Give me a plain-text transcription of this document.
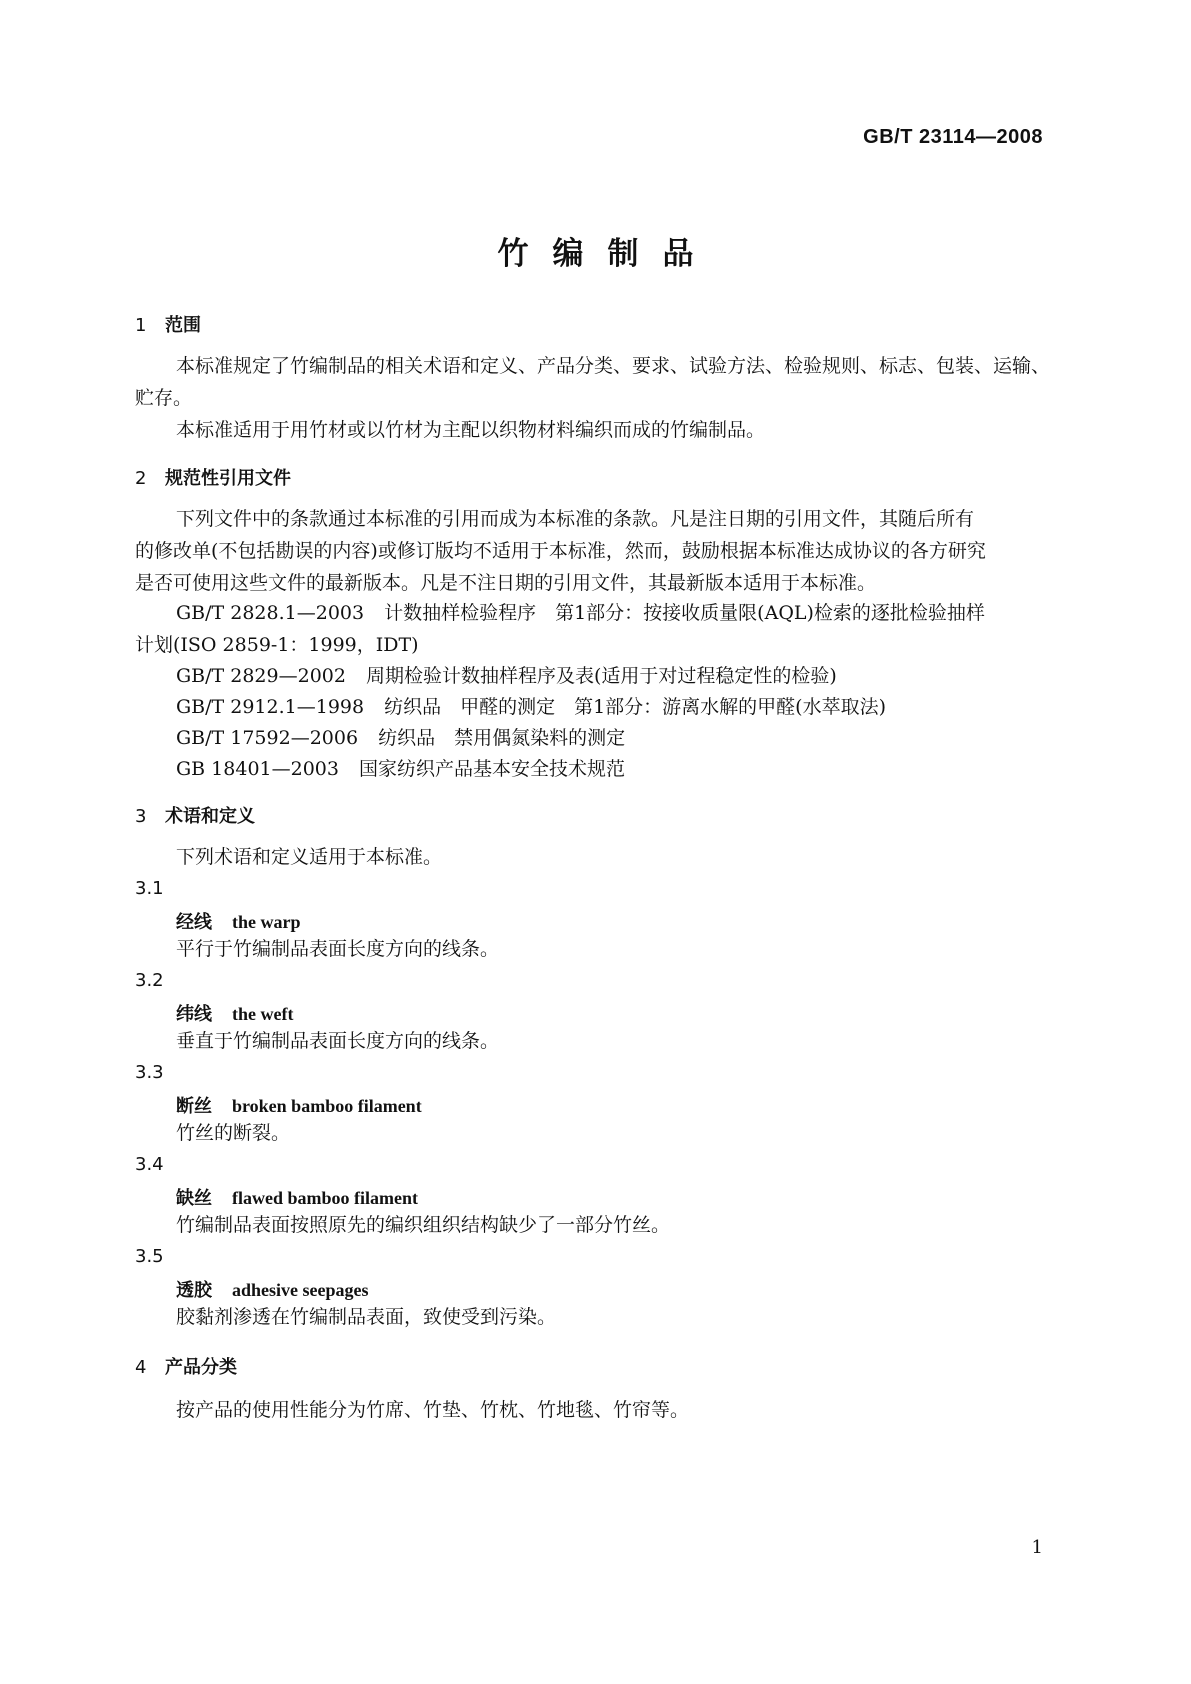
GB/T 23114—2008
竹编制品
1 范围
本标准规定了竹编制品的相关术语和定义、产品分类、要求、试验方法、检验规则、标志、包装、运输、
贮存。
本标准适用于用竹材或以竹材为主配以织物材料编织而成的竹编制品。
2 规范性引用文件
下列文件中的条款通过本标准的引用而成为本标准的条款。凡是注日期的引用文件，其随后所有
的修改单(不包括勘误的内容)或修订版均不适用于本标准，然而，鼓励根据本标准达成协议的各方研究
是否可使用这些文件的最新版本。凡是不注日期的引用文件，其最新版本适用于本标准。
GB/T 2828.1—2003 计数抽样检验程序　第1部分：按接收质量限(AQL)检索的逐批检验抽样
计划(ISO 2859-1：1999，IDT)
GB/T 2829—2002 周期检验计数抽样程序及表(适用于对过程稳定性的检验)
GB/T 2912.1—1998 纺织品　甲醛的测定　第1部分：游离水解的甲醛(水萃取法)
GB/T 17592—2006 纺织品　禁用偶氮染料的测定
GB 18401—2003 国家纺织产品基本安全技术规范
3 术语和定义
下列术语和定义适用于本标准。
3.1
经线 the warp
平行于竹编制品表面长度方向的线条。
3.2
纬线 the weft
垂直于竹编制品表面长度方向的线条。
3.3
断丝 broken bamboo filament
竹丝的断裂。
3.4
缺丝 flawed bamboo filament
竹编制品表面按照原先的编织组织结构缺少了一部分竹丝。
3.5
透胶 adhesive seepages
胶黏剂渗透在竹编制品表面，致使受到污染。
4 产品分类
按产品的使用性能分为竹席、竹垫、竹枕、竹地毯、竹帘等。
1
